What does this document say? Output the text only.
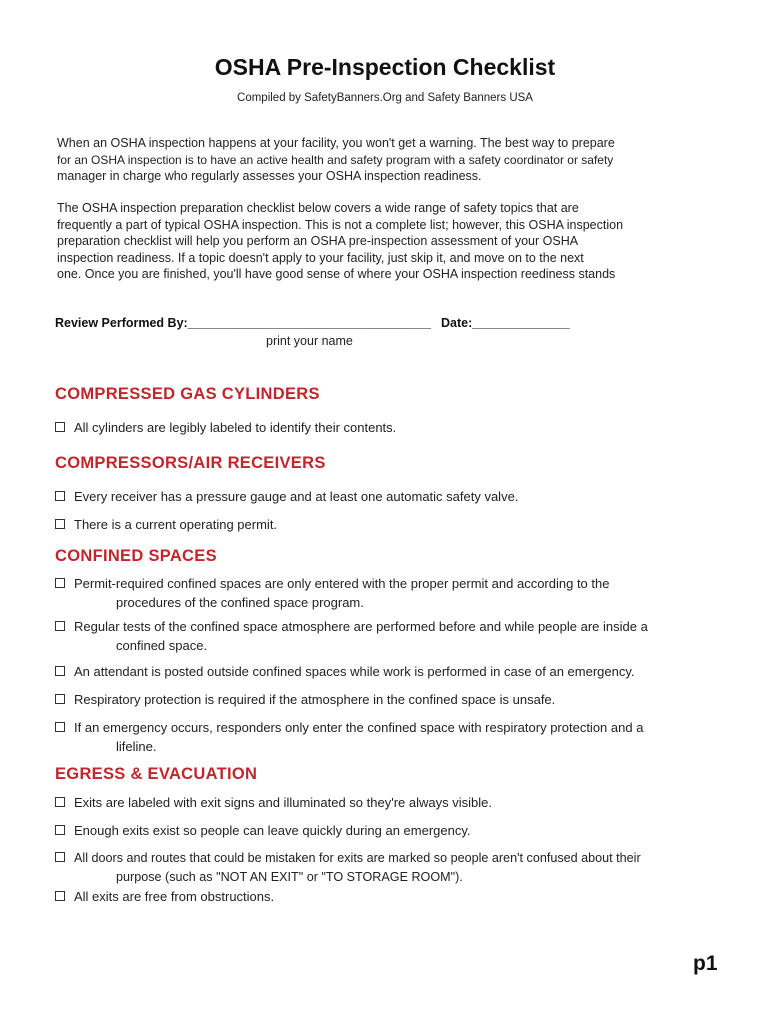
OSHA Pre-Inspection Checklist
Compiled by SafetyBanners.Org and Safety Banners USA

When an OSHA inspection happens at your facility, you won't get a warning. The best way to prepare

for an OSHA inspection is to have an active health and safety program with a safety coordinator or safety

manager in charge who regularly assesses your OSHA inspection readiness.

The OSHA inspection preparation checklist below covers a wide range of safety topics that are

frequently a part of typical OSHA inspection. This is not a complete list; however, this OSHA inspection

preparation checklist will help you perform an OSHA pre-inspection assessment of your OSHA

inspection readiness. If a topic doesn't apply to your facility, just skip it, and move on to the next

one. Once you are finished, you'll have good sense of where your OSHA inspection reediness stands

Review Performed By:___________________________________ Date:______________
print your name
COMPRESSED GAS CYLINDERS
All cylinders are legibly labeled to identify their contents.
COMPRESSORS/AIR RECEIVERS
Every receiver has a pressure gauge and at least one automatic safety valve.
There is a current operating permit.
CONFINED SPACES
Permit-required confined spaces are only entered with the proper permit and according to the
procedures of the confined space program.
Regular tests of the confined space atmosphere are performed before and while people are inside a
confined space.
An attendant is posted outside confined spaces while work is performed in case of an emergency.
Respiratory protection is required if the atmosphere in the confined space is unsafe.
If an emergency occurs, responders only enter the confined space with respiratory protection and a
lifeline.
EGRESS & EVACUATION
Exits are labeled with exit signs and illuminated so they're always visible.
Enough exits exist so people can leave quickly during an emergency.
All doors and routes that could be mistaken for exits are marked so people aren't confused about their
purpose (such as "NOT AN EXIT" or "TO STORAGE ROOM").
All exits are free from obstructions.
p1
